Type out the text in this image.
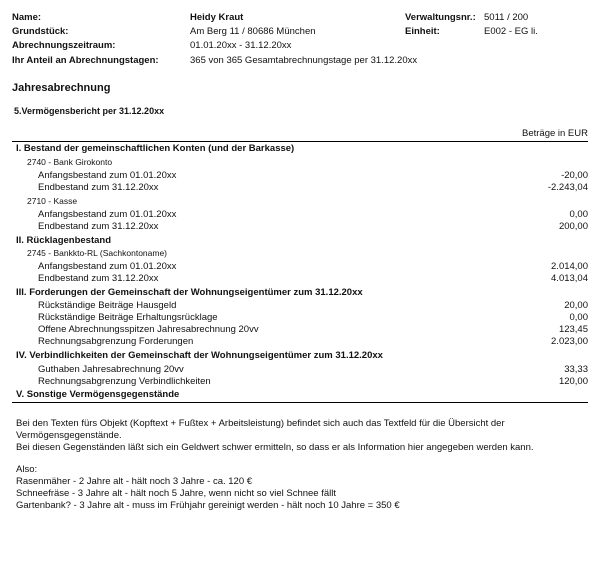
Name:	Heidy Kraut
Grundstück:	Am Berg 11 / 80686 München
Abrechnungszeitraum:	01.01.20xx - 31.12.20xx
Ihr Anteil an Abrechnungstagen:	365 von 365 Gesamtabrechnungstage per 31.12.20xx
Verwaltungsnr.: 5011 / 200
Einheit:	E002 - EG li.
Jahresabrechnung
5.Vermögensbericht per 31.12.20xx
Beträge in EUR
I. Bestand der gemeinschaftlichen Konten (und der Barkasse)
2740 - Bank Girokonto
Anfangsbestand zum 01.01.20xx	-20,00
Endbestand zum 31.12.20xx	-2.243,04
2710 - Kasse
Anfangsbestand zum 01.01.20xx	0,00
Endbestand zum 31.12.20xx	200,00
II. Rücklagenbestand
2745 - Bankkto-RL (Sachkontoname)
Anfangsbestand zum 01.01.20xx	2.014,00
Endbestand zum 31.12.20xx	4.013,04
III. Forderungen der Gemeinschaft der Wohnungseigentümer zum 31.12.20xx
Rückständige Beiträge Hausgeld	20,00
Rückständige Beiträge Erhaltungsrücklage	0,00
Offene Abrechnungsspitzen Jahresabrechnung 20vv	123,45
Rechnungsabgrenzung Forderungen	2.023,00
IV. Verbindlichkeiten der Gemeinschaft der Wohnungseigentümer zum 31.12.20xx
Guthaben Jahresabrechnung 20vv	33,33
Rechnungsabgrenzung Verbindlichkeiten	120,00
V. Sonstige Vermögensgegenstände
Bei den Texten fürs Objekt (Kopftext + Fußtex + Arbeitsleistung) befindet sich auch das Textfeld für die Übersicht der
Vermögensgegenstände.
Bei diesen Gegenständen läßt sich ein Geldwert schwer ermitteln, so dass er als Information hier angegeben werden kann.
Also:
Rasenmäher - 2 Jahre alt - hält noch 3 Jahre - ca. 120 €
Schneefräse - 3 Jahre alt - hält noch 5 Jahre, wenn nicht so viel Schnee fällt
Gartenbank? - 3 Jahre alt - muss im Frühjahr gereinigt werden - hält noch 10 Jahre = 350 €
